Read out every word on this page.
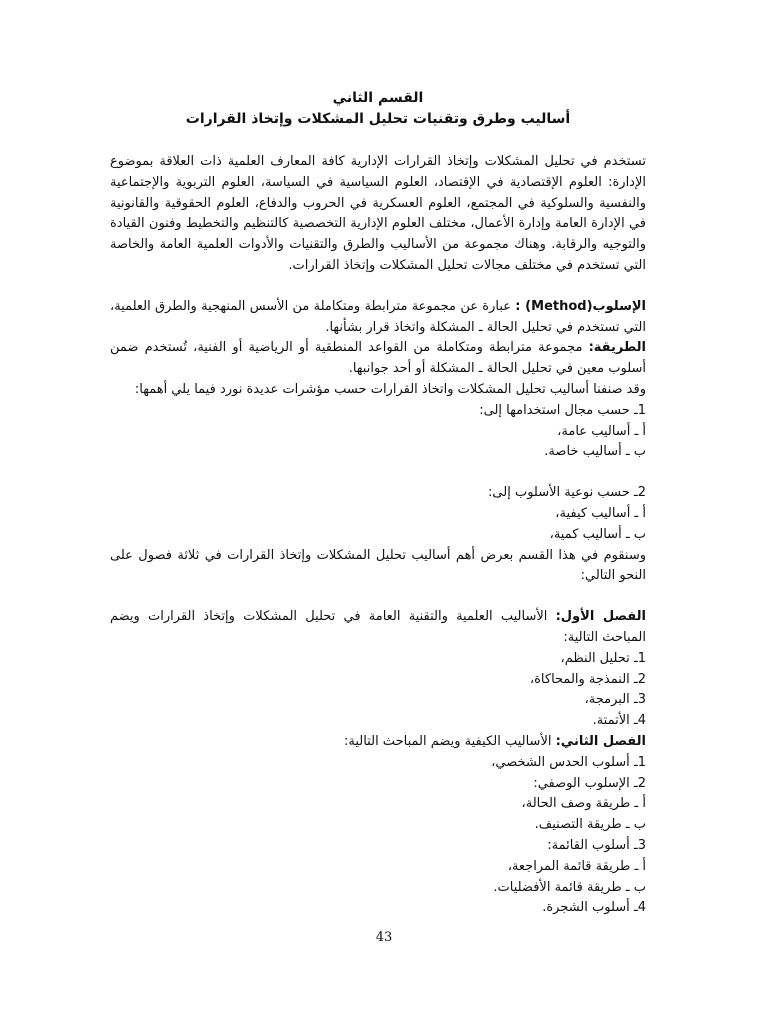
القسم الثاني
أساليب وطرق وتقنيات تحليل المشكلات وإتخاذ القرارات

تستخدم في تحليل المشكلات وإتخاذ القرارات الإدارية كافة المعارف العلمية ذات العلاقة بموضوع الإدارة: العلوم الإقتصادية في الإقتصاد، العلوم السياسية في السياسة، العلوم التربوية والإجتماعية والنفسية والسلوكية في المجتمع، العلوم العسكرية في الحروب والدفاع، العلوم الحقوقية والقانونية في الإدارة العامة وإدارة الأعمال، مختلف العلوم الإدارية التخصصية كالتنظيم والتخطيط وفنون القيادة والتوجيه والرقابة. وهناك مجموعة من الأساليب والطرق والتقنيات والأدوات العلمية العامة والخاصة التي تستخدم في مختلف مجالات تحليل المشكلات وإتخاذ القرارات.

الإسلوب(Method) : عبارة عن مجموعة مترابطة ومتكاملة من الأسس المنهجية والطرق العلمية، التي تستخدم في تحليل الحالة ـ المشكلة واتخاذ قرار بشأنها.

الطريقة: مجموعة مترابطة ومتكاملة من القواعد المنطقية أو الرياضية أو الفنية، تُستخدم ضمن أسلوب معين في تحليل الحالة ـ المشكلة أو أحد جوانبها.

وقد صنفنا أساليب تحليل المشكلات واتخاذ القرارات حسب مؤشرات عديدة نورد فيما يلي أهمها:

1ـ حسب مجال استخدامها إلى:

أ ـ أساليب عامة،

ب ـ أساليب خاصة.

2ـ حسب نوعية الأسلوب إلى:

أ ـ أساليب كيفية،

ب ـ أساليب كمية،

وسنقوم في هذا القسم بعرض أهم أساليب تحليل المشكلات وإتخاذ القرارات في ثلاثة فصول على النحو التالي:

الفصل الأول: الأساليب العلمية والتقنية العامة في تحليل المشكلات وإتخاذ القرارات ويضم المباحث التالية:

1ـ تحليل النظم،

2ـ النمذجة والمحاكاة،

3ـ البرمجة،

4ـ الأتمتة.

الفصل الثاني: الأساليب الكيفية ويضم المباحث التالية:

1ـ أسلوب الحدس الشخصي،

2ـ الإسلوب الوصفي:

أ ـ طريقة وصف الحالة،

ب ـ طريقة التصنيف.

3ـ أسلوب القائمة:

أ ـ طريقة قائمة المراجعة،

ب ـ طريقة قائمة الأفضليات.

4ـ أسلوب الشجرة.

43
